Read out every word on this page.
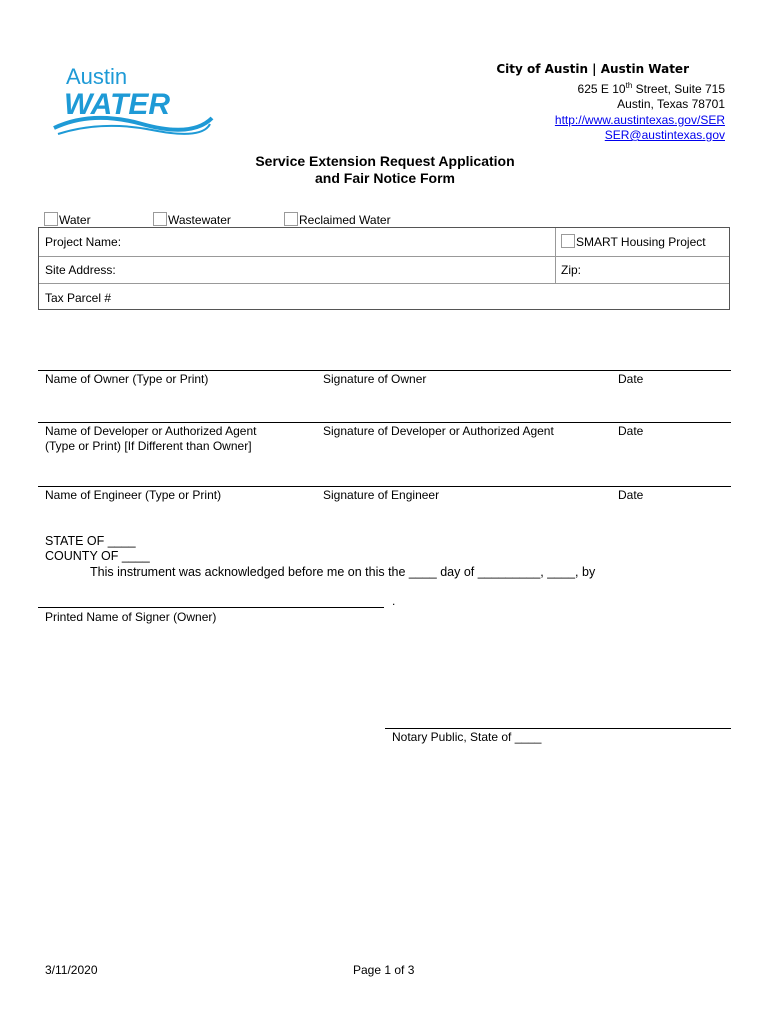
Austin
WATER
City of Austin | Austin Water
625 E 10th Street, Suite 715
Austin, Texas 78701
http://www.austintexas.gov/SER
SER@austintexas.gov
Service Extension Request Application
and Fair Notice Form
Water	Wastewater	Reclaimed Water
Project Name:	SMART Housing Project
Site Address:	Zip:
Tax Parcel #
Name of Owner (Type or Print)	Signature of Owner	Date
Name of Developer or Authorized Agent
(Type or Print) [If Different than Owner]
Signature of Developer or Authorized Agent	Date
Name of Engineer (Type or Print)	Signature of Engineer	Date
STATE OF ____
COUNTY OF ____
This instrument was acknowledged before me on this the ____ day of _________, ____, by
.
Printed Name of Signer (Owner)
Notary Public, State of ____
3/11/2020	Page 1 of 3
